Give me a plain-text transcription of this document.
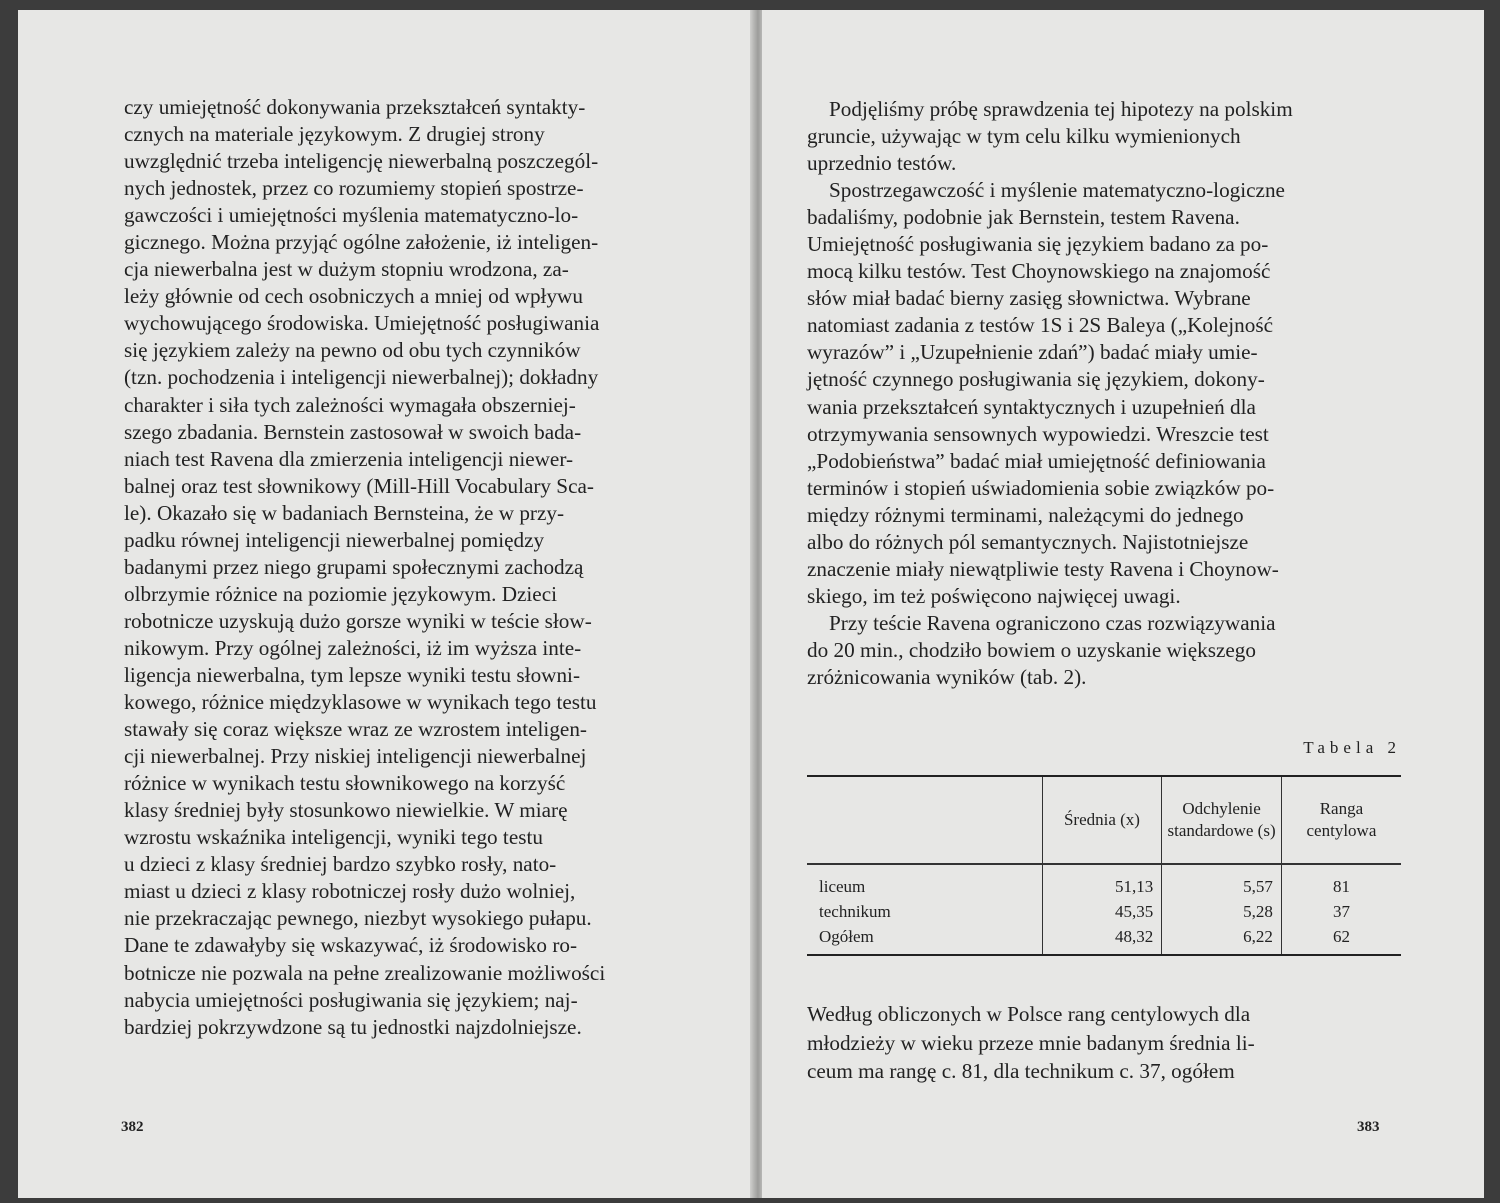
czy umiejętność dokonywania przekształceń syntakty-
cznych na materiale językowym. Z drugiej strony
uwzględnić trzeba inteligencję niewerbalną poszczegól-
nych jednostek, przez co rozumiemy stopień spostrze-
gawczości i umiejętności myślenia matematyczno-lo-
gicznego. Można przyjąć ogólne założenie, iż inteligen-
cja niewerbalna jest w dużym stopniu wrodzona, za-
leży głównie od cech osobniczych a mniej od wpływu
wychowującego środowiska. Umiejętność posługiwania
się językiem zależy na pewno od obu tych czynników
(tzn. pochodzenia i inteligencji niewerbalnej); dokładny
charakter i siła tych zależności wymagała obszerniej-
szego zbadania. Bernstein zastosował w swoich bada-
niach test Ravena dla zmierzenia inteligencji niewer-
balnej oraz test słownikowy (Mill-Hill Vocabulary Sca-
le). Okazało się w badaniach Bernsteina, że w przy-
padku równej inteligencji niewerbalnej pomiędzy
badanymi przez niego grupami społecznymi zachodzą
olbrzymie różnice na poziomie językowym. Dzieci
robotnicze uzyskują dużo gorsze wyniki w teście słow-
nikowym. Przy ogólnej zależności, iż im wyższa inte-
ligencja niewerbalna, tym lepsze wyniki testu słowni-
kowego, różnice międzyklasowe w wynikach tego testu
stawały się coraz większe wraz ze wzrostem inteligen-
cji niewerbalnej. Przy niskiej inteligencji niewerbalnej
różnice w wynikach testu słownikowego na korzyść
klasy średniej były stosunkowo niewielkie. W miarę
wzrostu wskaźnika inteligencji, wyniki tego testu
u dzieci z klasy średniej bardzo szybko rosły, nato-
miast u dzieci z klasy robotniczej rosły dużo wolniej,
nie przekraczając pewnego, niezbyt wysokiego pułapu.
Dane te zdawałyby się wskazywać, iż środowisko ro-
botnicze nie pozwala na pełne zrealizowanie możliwości
nabycia umiejętności posługiwania się językiem; naj-
bardziej pokrzywdzone są tu jednostki najzdolniejsze.

382

Podjęliśmy próbę sprawdzenia tej hipotezy na polskim
gruncie, używając w tym celu kilku wymienionych
uprzednio testów.

Spostrzegawczość i myślenie matematyczno-logiczne
badaliśmy, podobnie jak Bernstein, testem Ravena.
Umiejętność posługiwania się językiem badano za po-
mocą kilku testów. Test Choynowskiego na znajomość
słów miał badać bierny zasięg słownictwa. Wybrane
natomiast zadania z testów 1S i 2S Baleya („Kolejność
wyrazów” i „Uzupełnienie zdań”) badać miały umie-
jętność czynnego posługiwania się językiem, dokony-
wania przekształceń syntaktycznych i uzupełnień dla
otrzymywania sensownych wypowiedzi. Wreszcie test
„Podobieństwa” badać miał umiejętność definiowania
terminów i stopień uświadomienia sobie związków po-
między różnymi terminami, należącymi do jednego
albo do różnych pól semantycznych. Najistotniejsze
znaczenie miały niewątpliwie testy Ravena i Choynow-
skiego, im też poświęcono najwięcej uwagi.

Przy teście Ravena ograniczono czas rozwiązywania
do 20 min., chodziło bowiem o uzyskanie większego
zróżnicowania wyników (tab. 2).

Tabela 2
	Średnia (x)	Odchylenie standardowe (s)	Ranga centylowa
liceum	51,13	5,57	81
technikum	45,35	5,28	37
Ogółem	48,32	6,22	62

Według obliczonych w Polsce rang centylowych dla
młodzieży w wieku przeze mnie badanym średnia li-
ceum ma rangę c. 81, dla technikum c. 37, ogółem

383
